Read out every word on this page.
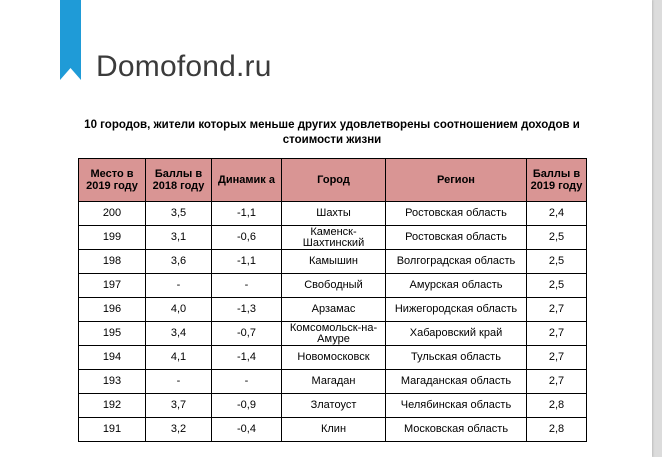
Domofond.ru
10 городов, жители которых меньше других удовлетворены соотношением доходов и стоимости жизни
Место в 2019 году	Баллы в 2018 году	Динамик а	Город	Регион	Баллы в 2019 году
200	3,5	-1,1	Шахты	Ростовская область	2,4
199	3,1	-0,6	Каменск-Шахтинский	Ростовская область	2,5
198	3,6	-1,1	Камышин	Волгоградская область	2,5
197	-	-	Свободный	Амурская область	2,5
196	4,0	-1,3	Арзамас	Нижегородская область	2,7
195	3,4	-0,7	Комсомольск-на-Амуре	Хабаровский край	2,7
194	4,1	-1,4	Новомосковск	Тульская область	2,7
193	-	-	Магадан	Магаданская область	2,7
192	3,7	-0,9	Златоуст	Челябинская область	2,8
191	3,2	-0,4	Клин	Московская область	2,8
